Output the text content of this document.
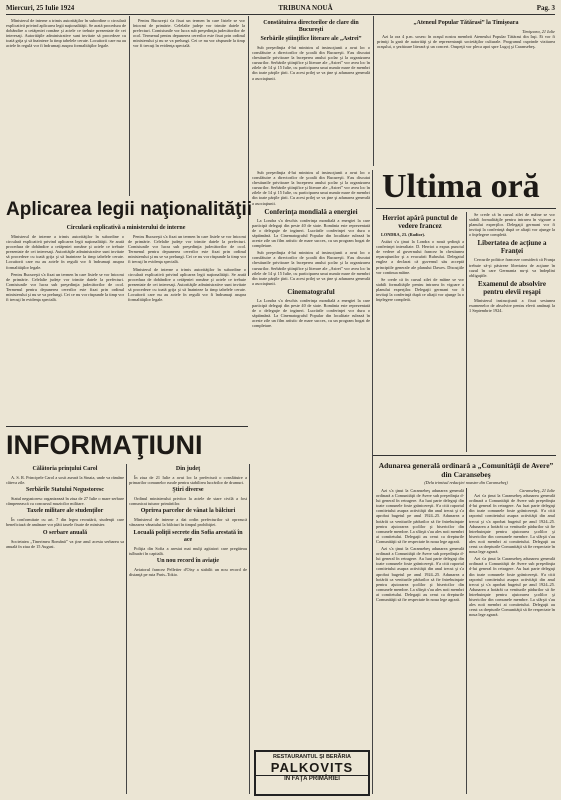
Miercuri, 25 Iulie 1924	TRIBUNA NOUĂ	Pag. 3

Ministerul de interne a trimis autorităţilor în subordine o circulară explicativă privind aplicarea legii naţionalităţii. Se arată procedura de dobândire a cetăţeniei române şi actele ce trebuie prezentate de cei interesaţi. Autorităţile administrative sunt invitate să procedeze cu toată grija şi să înainteze la timp tabelele cerute. Locuitorii care nu au actele în regulă vor fi îndrumaţi asupra formalităţilor legale.

Pentru Bucureşti s'a fixat un termen în care listele se vor întocmi de primărie. Celelalte judeţe vor trimite datele la prefecturi. Comisiunile vor lucra sub preşedinţia judecătorilor de ocol. Termenul pentru depunerea cererilor este fixat prin ordinul ministerului şi nu se va prelungi. Cei ce nu vor răspunde la timp vor fi trecuţi în evidenţa specială.

Constătuirea directorilor de clare din Bucureşti
Serbările ştiinţifice literare ale „Astrei”

Sub preşedinţia d-lui ministru al instrucţiunii a avut loc o consfătuire a directorilor de şcoală din Bucureşti. S'au discutat chestiunile privitoare la începerea anului şcolar şi la organizarea cursurilor. Serbările ştiinţifice şi literare ale „Astrei” vor avea loc în zilele de 14 şi 15 Iulie, cu participarea unui număr mare de membri din toate părţile ţării. Cu acest prilej se va ţine şi adunarea generală a asociaţiunii.

„Ateneul Popular Tătărasi” la Timişoara
Timişoara, 21 Iulie

Azi la ora 4 p.m. sosesc în oraşul nostru membrii Ateneului Popular Tătărasi din Iaşi. Ei vor fi primiţi la gară de autorităţi şi de reprezentanţii societăţilor culturale. Programul cuprinde vizitarea oraşului, o şezătoare literară şi un concert. Oaspeţii vor pleca apoi spre Lugoj şi Caransebeş.

Aplicarea legii naţionalităţii
Circulară explicativă a ministerului de interne

Ministerul de interne a trimis autorităţilor în subordine o circulară explicativă privind aplicarea legii naţionalităţii. Se arată procedura de dobândire a cetăţeniei române şi actele ce trebuie prezentate de cei interesaţi. Autorităţile administrative sunt invitate să procedeze cu toată grija şi să înainteze la timp tabelele cerute. Locuitorii care nu au actele în regulă vor fi îndrumaţi asupra formalităţilor legale.

Pentru Bucureşti s'a fixat un termen în care listele se vor întocmi de primărie. Celelalte judeţe vor trimite datele la prefecturi. Comisiunile vor lucra sub preşedinţia judecătorilor de ocol. Termenul pentru depunerea cererilor este fixat prin ordinul ministerului şi nu se va prelungi. Cei ce nu vor răspunde la timp vor fi trecuţi în evidenţa specială.

Pentru Bucureşti s'a fixat un termen în care listele se vor întocmi de primărie. Celelalte judeţe vor trimite datele la prefecturi. Comisiunile vor lucra sub preşedinţia judecătorilor de ocol. Termenul pentru depunerea cererilor este fixat prin ordinul ministerului şi nu se va prelungi. Cei ce nu vor răspunde la timp vor fi trecuţi în evidenţa specială.

Ministerul de interne a trimis autorităţilor în subordine o circulară explicativă privind aplicarea legii naţionalităţii. Se arată procedura de dobândire a cetăţeniei române şi actele ce trebuie prezentate de cei interesaţi. Autorităţile administrative sunt invitate să procedeze cu toată grija şi să înainteze la timp tabelele cerute. Locuitorii care nu au actele în regulă vor fi îndrumaţi asupra formalităţilor legale.

Sub preşedinţia d-lui ministru al instrucţiunii a avut loc o consfătuire a directorilor de şcoală din Bucureşti. S'au discutat chestiunile privitoare la începerea anului şcolar şi la organizarea cursurilor. Serbările ştiinţifice şi literare ale „Astrei” vor avea loc în zilele de 14 şi 15 Iulie, cu participarea unui număr mare de membri din toate părţile ţării. Cu acest prilej se va ţine şi adunarea generală a asociaţiunii.

Conferinţa mondială a energiei

La Londra s'a deschis conferinţa mondială a energiei la care participă delegaţi din peste 40 de state. România este reprezentată de o delegaţie de ingineri. Lucrările conferinţei vor dura o săptămână. La Cinematograful Popular din localitate rulează în aceste zile un film artistic de mare succes, cu un program bogat de completare.

Sub preşedinţia d-lui ministru al instrucţiunii a avut loc o consfătuire a directorilor de şcoală din Bucureşti. S'au discutat chestiunile privitoare la începerea anului şcolar şi la organizarea cursurilor. Serbările ştiinţifice şi literare ale „Astrei” vor avea loc în zilele de 14 şi 15 Iulie, cu participarea unui număr mare de membri din toate părţile ţării. Cu acest prilej se va ţine şi adunarea generală a asociaţiunii.

Cinematograful

La Londra s'a deschis conferinţa mondială a energiei la care participă delegaţi din peste 40 de state. România este reprezentată de o delegaţie de ingineri. Lucrările conferinţei vor dura o săptămână. La Cinematograful Popular din localitate rulează în aceste zile un film artistic de mare succes, cu un program bogat de completare.

Ultima oră
Herriot apără punctul de vedere francez

LONDRA, 23. (Radior).

Astăzi s'a ţinut la Londra o nouă şedinţă a conferinţei interaliate. D. Herriot a expus punctul de vedere al guvernului francez în chestiunea reparaţiunilor şi a evacuării Ruhrului. Delegatul englez a declarat că guvernul său acceptă principiile generale ale planului Dawes. Discuţiile vor continua mâine.

Se crede că în cursul zilei de mâine se vor stabili formalităţile pentru intrarea în vigoare a planului experţilor. Delegaţii germani vor fi invitaţi la conferinţă după ce aliaţii vor ajunge la o înţelegere completă.

Se crede că în cursul zilei de mâine se vor stabili formalităţile pentru intrarea în vigoare a planului experţilor. Delegaţii germani vor fi invitaţi la conferinţă după ce aliaţii vor ajunge la o înţelegere completă.

Libertatea de acţiune a Franţei

Cercurile politice franceze consideră că Franţa trebuie să-şi păstreze libertatea de acţiune în cazul în care Germania nu-şi va îndeplini obligaţiile.

Examenul de absolvire pentru elevii reşapi

Ministerul instrucţiunii a fixat sesiunea examenelor de absolvire pentru elevii amânaţi la 1 Septembrie 1924.

INFORMAŢIUNI
Călătoria prinţului Carol

A. S. R. Principele Carol a sosit aseară la Sinaia, unde va rămâne câteva zile.

Serbările Statului Negustoresc

Statul negustoresc organizează în ziua de 27 Iulie o mare serbare câmpenească cu concursul muzicilor militare.

Taxele militare ale studenţilor

În conformitate cu art. 7 din legea recrutării, studenţii care beneficiază de amânare vor plăti taxele fixate de minister.

O serbare anuală

Societatea „Tinerimea Română” va ţine anul acesta serbarea sa anuală în ziua de 15 August.

Din judeţ

În ziua de 21 Iulie a avut loc la prefectură o consfătuire a primarilor comunelor rurale pentru stabilirea lucrărilor de drumuri.

Ştiri diverse

Ordinul ministerului privitor la actele de stare civilă a fost comunicat tuturor primăriilor.

Oprirea parcelor de vânat la bălciuri

Ministerul de interne a dat ordin prefecturilor să oprească vânzarea vânatului la bălciuri în timpul prohibiţiei.

Locuală poliţii secrete din Sofia arestată în ace

Poliţia din Sofia a arestat mai mulţi agitatori care pregăteau tulburări în capitală.

Un nou record în aviaţie

Aviatorul francez Pelletier d'Oisy a stabilit un nou record de distanţă pe ruta Paris–Tokio.

RESTAURANTUL ŞI BERĂRIA
PALKOVITS
IN FAŢA PRIMĂRIEI
Adunarea generală ordinară a „Comunităţii de Avere” din Caransebeş
(Dela trimisul redacţiei noastre din Caransebeş)

Azi s'a ţinut la Caransebeş adunarea generală ordinară a Comunităţii de Avere sub preşedinţia d-lui general în retragere. Au luat parte delegaţi din toate comunele foste grănicereşti. S'a citit raportul comitetului asupra activităţii din anul trecut şi s'a aprobat bugetul pe anul 1924–25. Adunarea a hotărât ca veniturile pădurilor să fie întrebuinţate pentru ajutorarea şcolilor şi bisericilor din comunele membre. La sfârşit s'au ales noii membri ai comitetului. Delegaţii au cerut ca drepturile Comunităţii să fie respectate în noua lege agrară.

Azi s'a ţinut la Caransebeş adunarea generală ordinară a Comunităţii de Avere sub preşedinţia d-lui general în retragere. Au luat parte delegaţi din toate comunele foste grănicereşti. S'a citit raportul comitetului asupra activităţii din anul trecut şi s'a aprobat bugetul pe anul 1924–25. Adunarea a hotărât ca veniturile pădurilor să fie întrebuinţate pentru ajutorarea şcolilor şi bisericilor din comunele membre. La sfârşit s'au ales noii membri ai comitetului. Delegaţii au cerut ca drepturile Comunităţii să fie respectate în noua lege agrară.

Caransebeş, 21 Iulie

Azi s'a ţinut la Caransebeş adunarea generală ordinară a Comunităţii de Avere sub preşedinţia d-lui general în retragere. Au luat parte delegaţi din toate comunele foste grănicereşti. S'a citit raportul comitetului asupra activităţii din anul trecut şi s'a aprobat bugetul pe anul 1924–25. Adunarea a hotărât ca veniturile pădurilor să fie întrebuinţate pentru ajutorarea şcolilor şi bisericilor din comunele membre. La sfârşit s'au ales noii membri ai comitetului. Delegaţii au cerut ca drepturile Comunităţii să fie respectate în noua lege agrară.

Azi s'a ţinut la Caransebeş adunarea generală ordinară a Comunităţii de Avere sub preşedinţia d-lui general în retragere. Au luat parte delegaţi din toate comunele foste grănicereşti. S'a citit raportul comitetului asupra activităţii din anul trecut şi s'a aprobat bugetul pe anul 1924–25. Adunarea a hotărât ca veniturile pădurilor să fie întrebuinţate pentru ajutorarea şcolilor şi bisericilor din comunele membre. La sfârşit s'au ales noii membri ai comitetului. Delegaţii au cerut ca drepturile Comunităţii să fie respectate în noua lege agrară.
